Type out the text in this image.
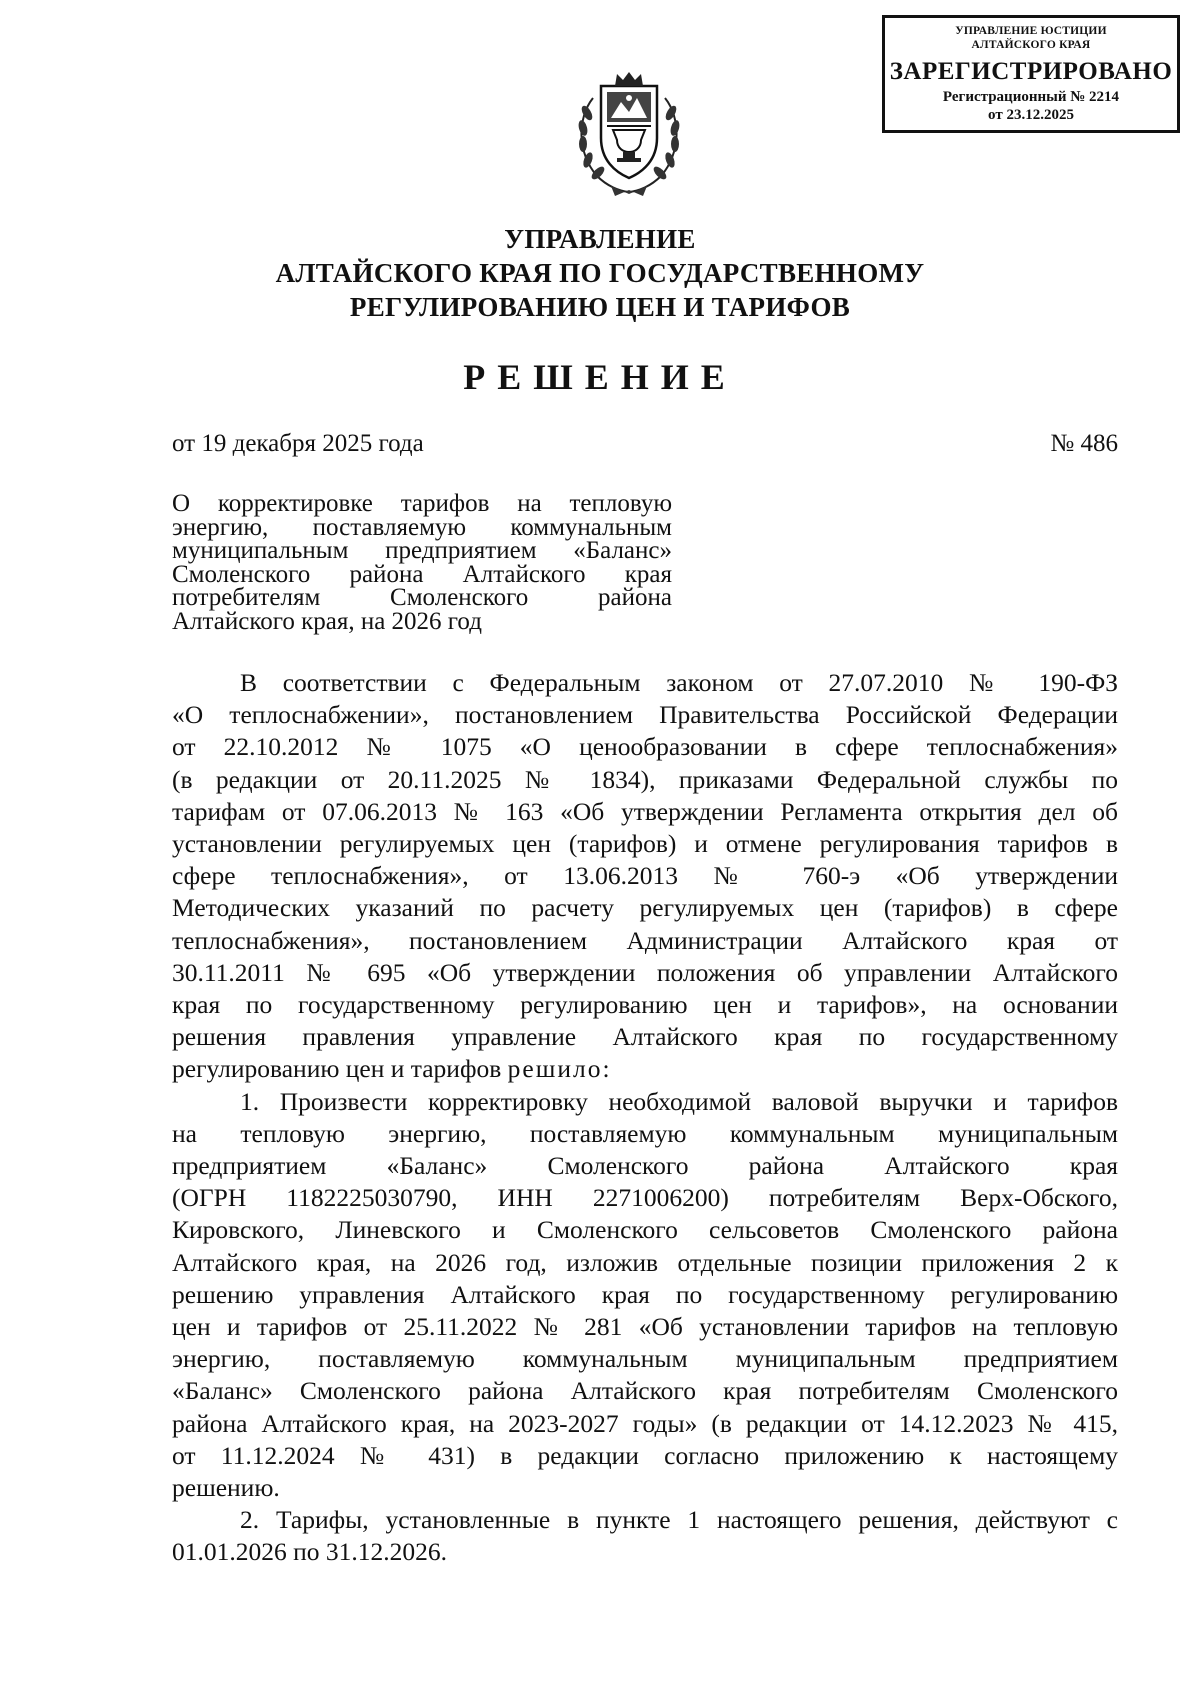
УПРАВЛЕНИЕ ЮСТИЦИИ
АЛТАЙСКОГО КРАЯ
ЗАРЕГИСТРИРОВАНО
Регистрационный № 2214
от 23.12.2025
УПРАВЛЕНИЕ
АЛТАЙСКОГО КРАЯ ПО ГОСУДАРСТВЕННОМУ
РЕГУЛИРОВАНИЮ ЦЕН И ТАРИФОВ
РЕШЕНИЕ
от 19 декабря 2025 года	№ 486
О корректировке тарифов на тепловую
энергию, поставляемую коммунальным
муниципальным предприятием «Баланс»
Смоленского района Алтайского края
потребителям Смоленского района
Алтайского края, на 2026 год
В соответствии с Федеральным законом от 27.07.2010 № 190-ФЗ
«О теплоснабжении», постановлением Правительства Российской Федерации
от 22.10.2012 № 1075 «О ценообразовании в сфере теплоснабжения»
(в редакции от 20.11.2025 № 1834), приказами Федеральной службы по
тарифам от 07.06.2013 № 163 «Об утверждении Регламента открытия дел об
установлении регулируемых цен (тарифов) и отмене регулирования тарифов в
сфере теплоснабжения», от 13.06.2013 № 760-э «Об утверждении
Методических указаний по расчету регулируемых цен (тарифов) в сфере
теплоснабжения», постановлением Администрации Алтайского края от
30.11.2011 № 695 «Об утверждении положения об управлении Алтайского
края по государственному регулированию цен и тарифов», на основании
решения правления управление Алтайского края по государственному
регулированию цен и тарифов решило:
1. Произвести корректировку необходимой валовой выручки и тарифов
на тепловую энергию, поставляемую коммунальным муниципальным
предприятием «Баланс» Смоленского района Алтайского края
(ОГРН 1182225030790, ИНН 2271006200) потребителям Верх-Обского,
Кировского, Линевского и Смоленского сельсоветов Смоленского района
Алтайского края, на 2026 год, изложив отдельные позиции приложения 2 к
решению управления Алтайского края по государственному регулированию
цен и тарифов от 25.11.2022 № 281 «Об установлении тарифов на тепловую
энергию, поставляемую коммунальным муниципальным предприятием
«Баланс» Смоленского района Алтайского края потребителям Смоленского
района Алтайского края, на 2023-2027 годы» (в редакции от 14.12.2023 № 415,
от 11.12.2024 № 431) в редакции согласно приложению к настоящему
решению.
2. Тарифы, установленные в пункте 1 настоящего решения, действуют с
01.01.2026 по 31.12.2026.
